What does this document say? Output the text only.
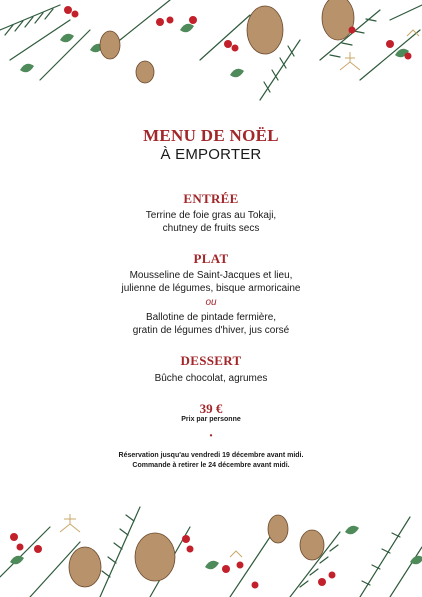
MENU DE NOËL
À EMPORTER
ENTRÉE
Terrine de foie gras au Tokaji,
chutney de fruits secs
PLAT
Mousseline de Saint-Jacques et lieu,
julienne de légumes, bisque armoricaine
ou
Ballotine de pintade fermière,
gratin de légumes d'hiver, jus corsé
DESSERT
Bûche chocolat, agrumes
39 €
Prix par personne
•
Réservation jusqu'au vendredi 19 décembre avant midi.
Commande à retirer le 24 décembre avant midi.
